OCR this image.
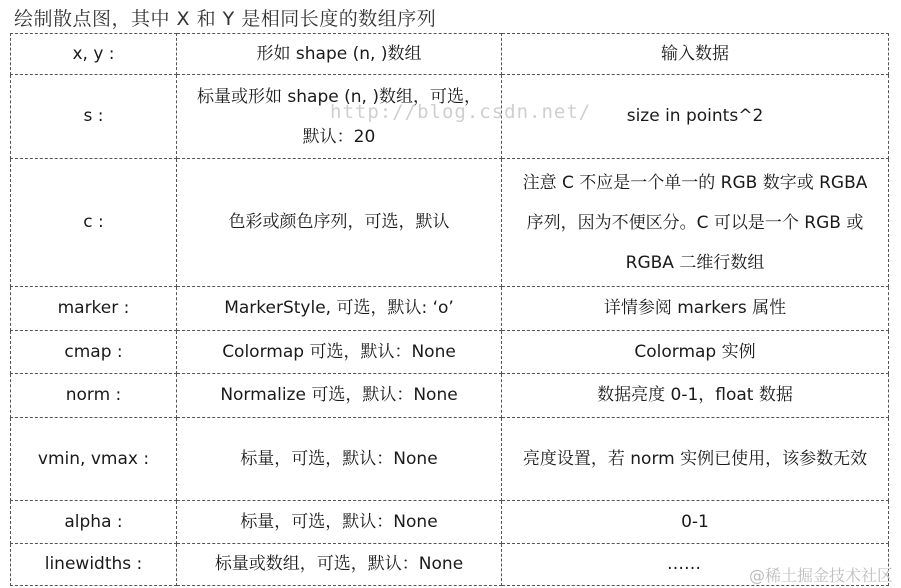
绘制散点图，其中 X 和 Y 是相同长度的数组序列
x, y :	形如 shape (n, )数组	输入数据
s :	标量或形如 shape (n, )数组，可选，默认：20	size in points^2
c :	色彩或颜色序列，可选，默认	注意 C 不应是一个单一的 RGB 数字或 RGBA 序列，因为不便区分。C 可以是一个 RGB 或 RGBA 二维行数组
marker :	MarkerStyle, 可选，默认: ‘o’	详情参阅 markers 属性
cmap :	Colormap 可选，默认：None	Colormap 实例
norm :	Normalize 可选，默认：None	数据亮度 0-1，float 数据
vmin, vmax :	标量，可选，默认：None	亮度设置，若 norm 实例已使用，该参数无效
alpha :	标量，可选，默认：None	0-1
linewidths :	标量或数组，可选，默认：None	……
http://blog.csdn.net/
@稀土掘金技术社区
